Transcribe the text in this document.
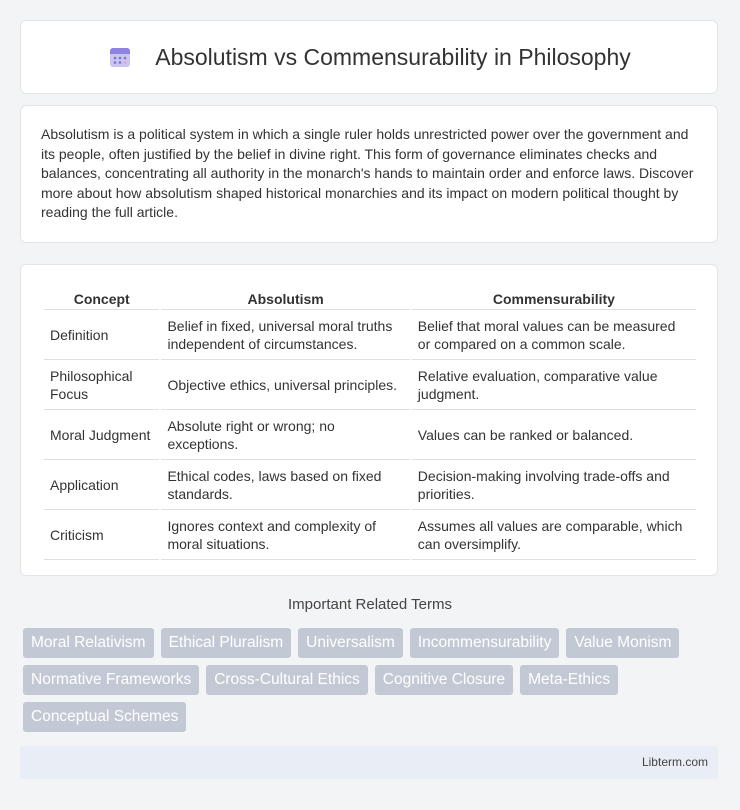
Absolutism vs Commensurability in Philosophy

Absolutism is a political system in which a single ruler holds unrestricted power over the government and its people, often justified by the belief in divine right. This form of governance eliminates checks and balances, concentrating all authority in the monarch's hands to maintain order and enforce laws. Discover more about how absolutism shaped historical monarchies and its impact on modern political thought by reading the full article.

Concept	Absolutism	Commensurability
Definition	Belief in fixed, universal moral truths independent of circumstances.	Belief that moral values can be measured or compared on a common scale.
Philosophical Focus	Objective ethics, universal principles.	Relative evaluation, comparative value judgment.
Moral Judgment	Absolute right or wrong; no exceptions.	Values can be ranked or balanced.
Application	Ethical codes, laws based on fixed standards.	Decision-making involving trade-offs and priorities.
Criticism	Ignores context and complexity of moral situations.	Assumes all values are comparable, which can oversimplify.
Important Related Terms
Moral Relativism	Ethical Pluralism	Universalism	Incommensurability	Value Monism
Normative Frameworks	Cross-Cultural Ethics	Cognitive Closure	Meta-Ethics
Conceptual Schemes
Libterm.com
